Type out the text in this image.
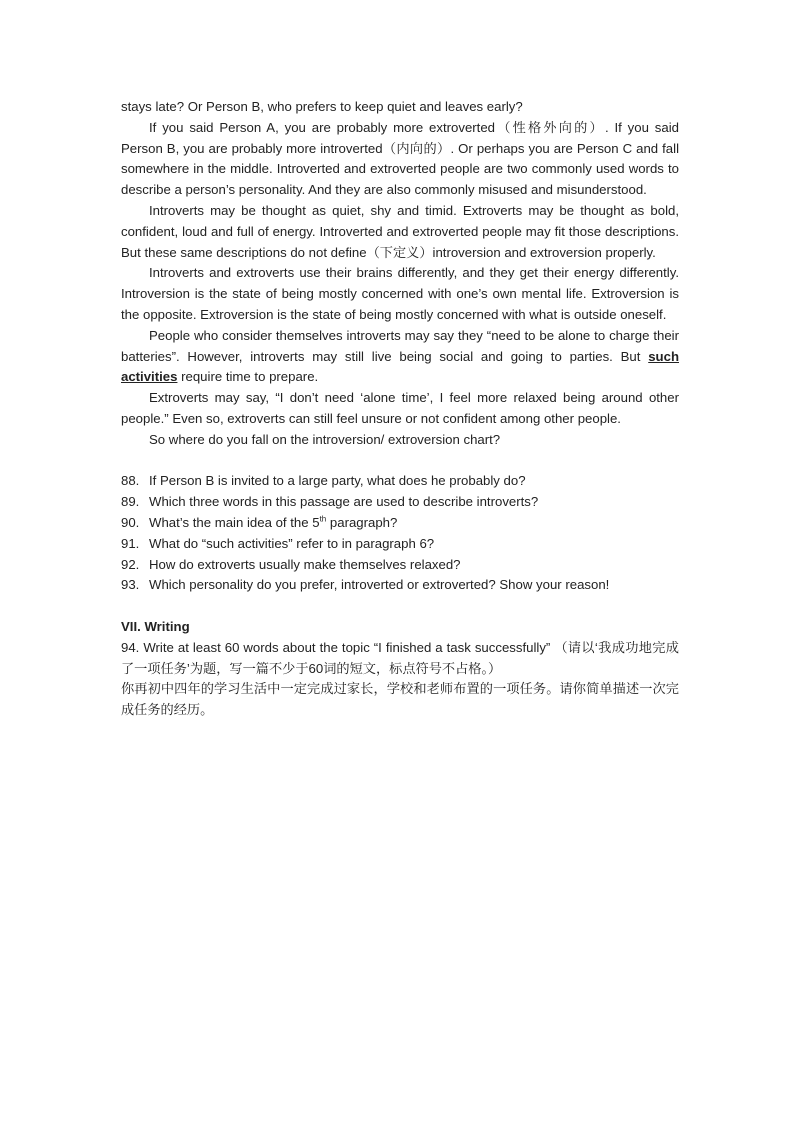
stays late? Or Person B, who prefers to keep quiet and leaves early?

If you said Person A, you are probably more extroverted（性格外向的）. If you said Person B, you are probably more introverted（内向的）. Or perhaps you are Person C and fall somewhere in the middle. Introverted and extroverted people are two commonly used words to describe a person’s personality. And they are also commonly misused and misunderstood.

Introverts may be thought as quiet, shy and timid. Extroverts may be thought as bold, confident, loud and full of energy. Introverted and extroverted people may fit those descriptions. But these same descriptions do not define（下定义）introversion and extroversion properly.

Introverts and extroverts use their brains differently, and they get their energy differently. Introversion is the state of being mostly concerned with one’s own mental life. Extroversion is the opposite. Extroversion is the state of being mostly concerned with what is outside oneself.

People who consider themselves introverts may say they “need to be alone to charge their batteries”. However, introverts may still live being social and going to parties. But such activities require time to prepare.

Extroverts may say, “I don’t need ‘alone time’, I feel more relaxed being around other people.” Even so, extroverts can still feel unsure or not confident among other people.

So where do you fall on the introversion/ extroversion chart?

88. If Person B is invited to a large party, what does he probably do?
89. Which three words in this passage are used to describe introverts?
90. What’s the main idea of the 5th paragraph?
91. What do “such activities” refer to in paragraph 6?
92. How do extroverts usually make themselves relaxed?
93. Which personality do you prefer, introverted or extroverted? Show your reason!
VII. Writing

94. Write at least 60 words about the topic “I finished a task successfully” （请以‘我成功地完成了一项任务’为题，写一篇不少于60词的短文，标点符号不占格。）

你再初中四年的学习生活中一定完成过家长，学校和老师布置的一项任务。请你简单描述一次完成任务的经历。
